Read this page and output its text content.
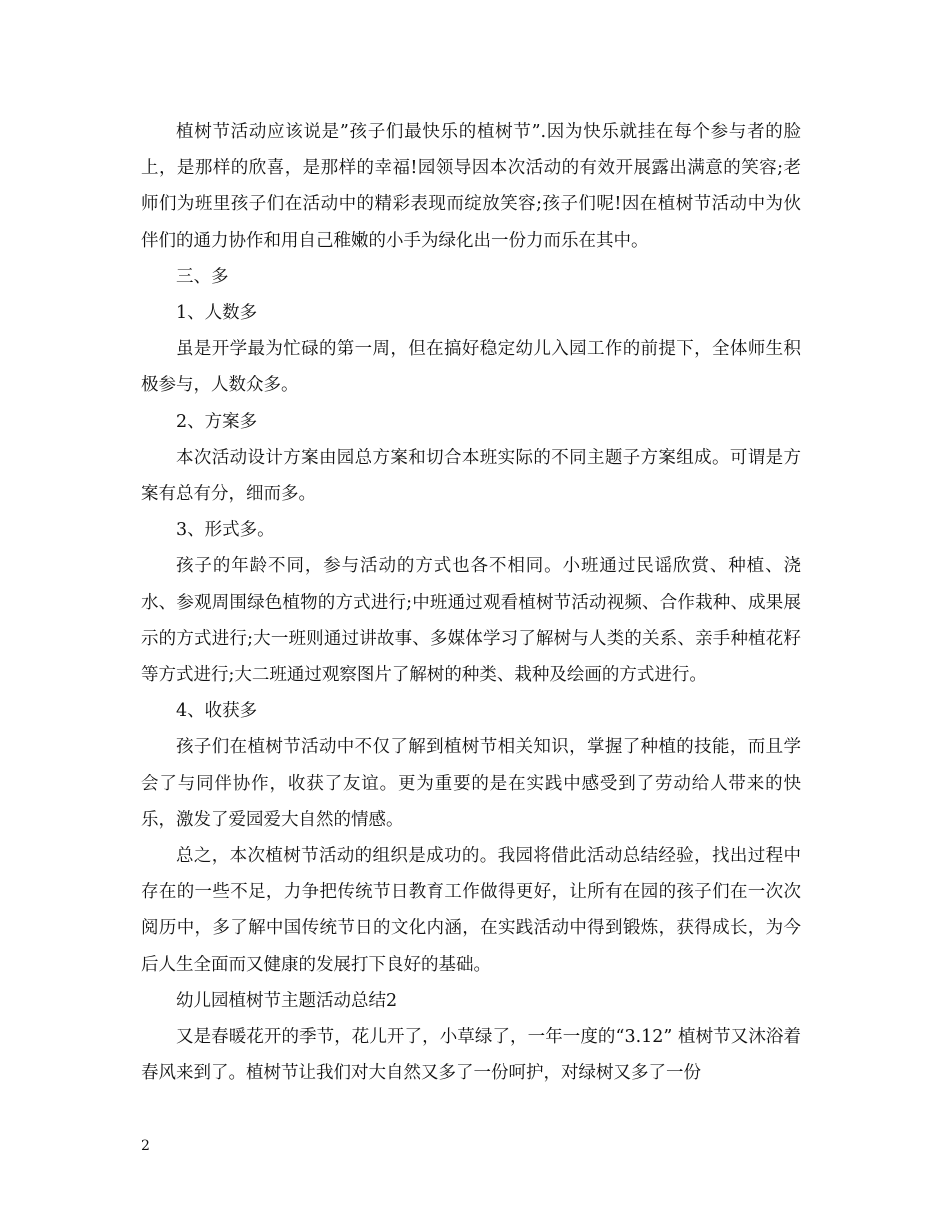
植树节活动应该说是”孩子们最快乐的植树节”.因为快乐就挂在每个参与者的脸上，是那样的欣喜，是那样的幸福!园领导因本次活动的有效开展露出满意的笑容;老师们为班里孩子们在活动中的精彩表现而绽放笑容;孩子们呢!因在植树节活动中为伙伴们的通力协作和用自己稚嫩的小手为绿化出一份力而乐在其中。

三、多

1、人数多

虽是开学最为忙碌的第一周，但在搞好稳定幼儿入园工作的前提下，全体师生积极参与，人数众多。

2、方案多

本次活动设计方案由园总方案和切合本班实际的不同主题子方案组成。可谓是方案有总有分，细而多。

3、形式多。

孩子的年龄不同，参与活动的方式也各不相同。小班通过民谣欣赏、种植、浇水、参观周围绿色植物的方式进行;中班通过观看植树节活动视频、合作栽种、成果展示的方式进行;大一班则通过讲故事、多媒体学习了解树与人类的关系、亲手种植花籽等方式进行;大二班通过观察图片了解树的种类、栽种及绘画的方式进行。

4、收获多

孩子们在植树节活动中不仅了解到植树节相关知识，掌握了种植的技能，而且学会了与同伴协作，收获了友谊。更为重要的是在实践中感受到了劳动给人带来的快乐，激发了爱园爱大自然的情感。

总之，本次植树节活动的组织是成功的。我园将借此活动总结经验，找出过程中存在的一些不足，力争把传统节日教育工作做得更好，让所有在园的孩子们在一次次阅历中，多了解中国传统节日的文化内涵，在实践活动中得到锻炼，获得成长，为今后人生全面而又健康的发展打下良好的基础。

幼儿园植树节主题活动总结2

又是春暖花开的季节，花儿开了，小草绿了，一年一度的“3.12” 植树节又沐浴着春风来到了。植树节让我们对大自然又多了一份呵护，对绿树又多了一份

2
